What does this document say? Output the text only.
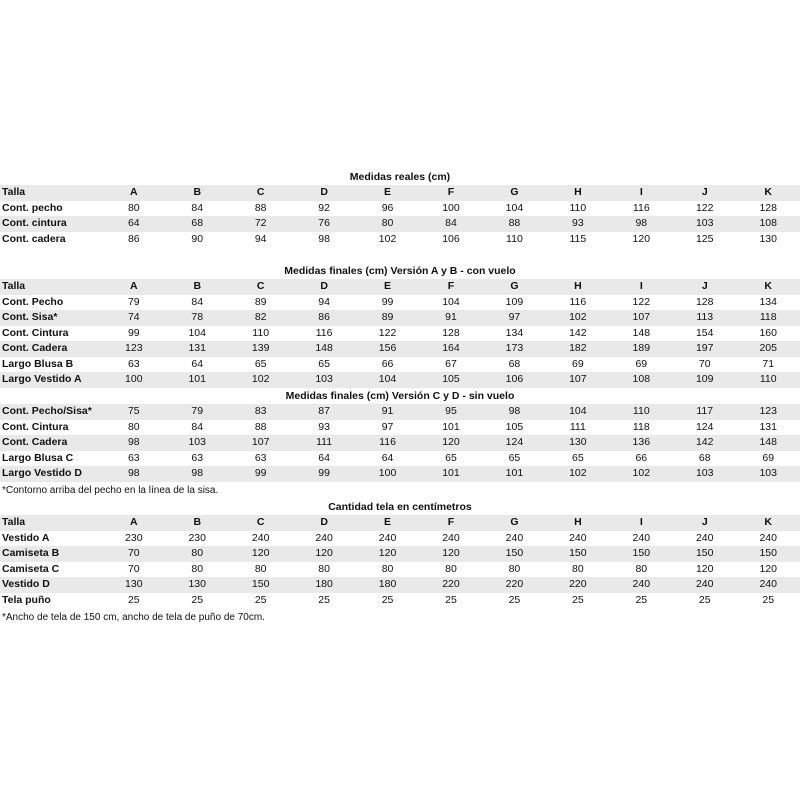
Medidas reales (cm)
Talla	A	B	C	D	E	F	G	H	I	J	K
Cont. pecho	80	84	88	92	96	100	104	110	116	122	128
Cont. cintura	64	68	72	76	80	84	88	93	98	103	108
Cont. cadera	86	90	94	98	102	106	110	115	120	125	130
Medidas finales (cm) Versión A y B - con vuelo
Talla	A	B	C	D	E	F	G	H	I	J	K
Cont. Pecho	79	84	89	94	99	104	109	116	122	128	134
Cont. Sisa*	74	78	82	86	89	91	97	102	107	113	118
Cont. Cintura	99	104	110	116	122	128	134	142	148	154	160
Cont. Cadera	123	131	139	148	156	164	173	182	189	197	205
Largo Blusa B	63	64	65	65	66	67	68	69	69	70	71
Largo Vestido A	100	101	102	103	104	105	106	107	108	109	110
Medidas finales (cm) Versión C y D - sin vuelo
Cont. Pecho/Sisa*	75	79	83	87	91	95	98	104	110	117	123
Cont. Cintura	80	84	88	93	97	101	105	111	118	124	131
Cont. Cadera	98	103	107	111	116	120	124	130	136	142	148
Largo Blusa C	63	63	63	64	64	65	65	65	66	68	69
Largo Vestido D	98	98	99	99	100	101	101	102	102	103	103
*Contorno arriba del pecho en la línea de la sisa.
Cantidad tela en centímetros
Talla	A	B	C	D	E	F	G	H	I	J	K
Vestido A	230	230	240	240	240	240	240	240	240	240	240
Camiseta B	70	80	120	120	120	120	150	150	150	150	150
Camiseta C	70	80	80	80	80	80	80	80	80	120	120
Vestido D	130	130	150	180	180	220	220	220	240	240	240
Tela puño	25	25	25	25	25	25	25	25	25	25	25
*Ancho de tela de 150 cm, ancho de tela de puño de 70cm.
